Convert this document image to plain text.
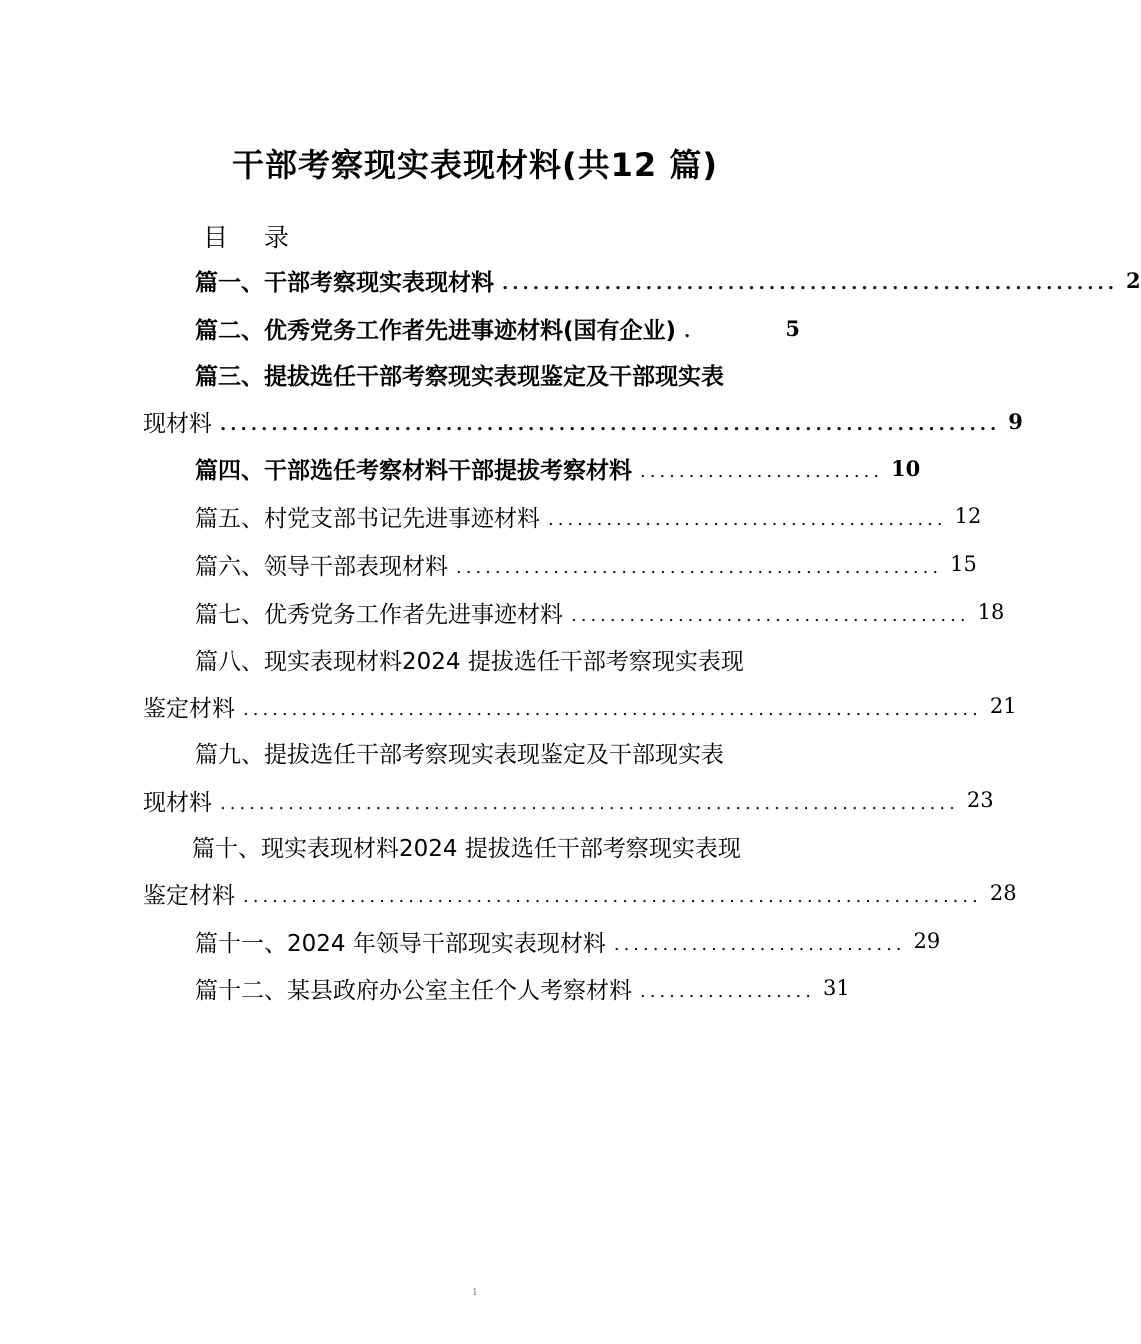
干部考察现实表现材料(共12 篇)
目 录
篇一、干部考察现实表现材料 ............................................................ 2
篇二、优秀党务工作者先进事迹材料(国有企业) .	5
篇三、提拔选任干部考察现实表现鉴定及干部现实表
现材料 ............................................................................ 9
篇四、干部选任考察材料干部提拔考察材料 ......................... 10
篇五、村党支部书记先进事迹材料 ......................................... 12
篇六、领导干部表现材料 .................................................. 15
篇七、优秀党务工作者先进事迹材料 ......................................... 18
篇八、现实表现材料2024 提拔选任干部考察现实表现
鉴定材料 ............................................................................ 21
篇九、提拔选任干部考察现实表现鉴定及干部现实表
现材料 ............................................................................ 23
篇十、现实表现材料2024 提拔选任干部考察现实表现
鉴定材料 ............................................................................ 28
篇十一、2024 年领导干部现实表现材料 .............................. 29
篇十二、某县政府办公室主任个人考察材料 .................. 31
1
